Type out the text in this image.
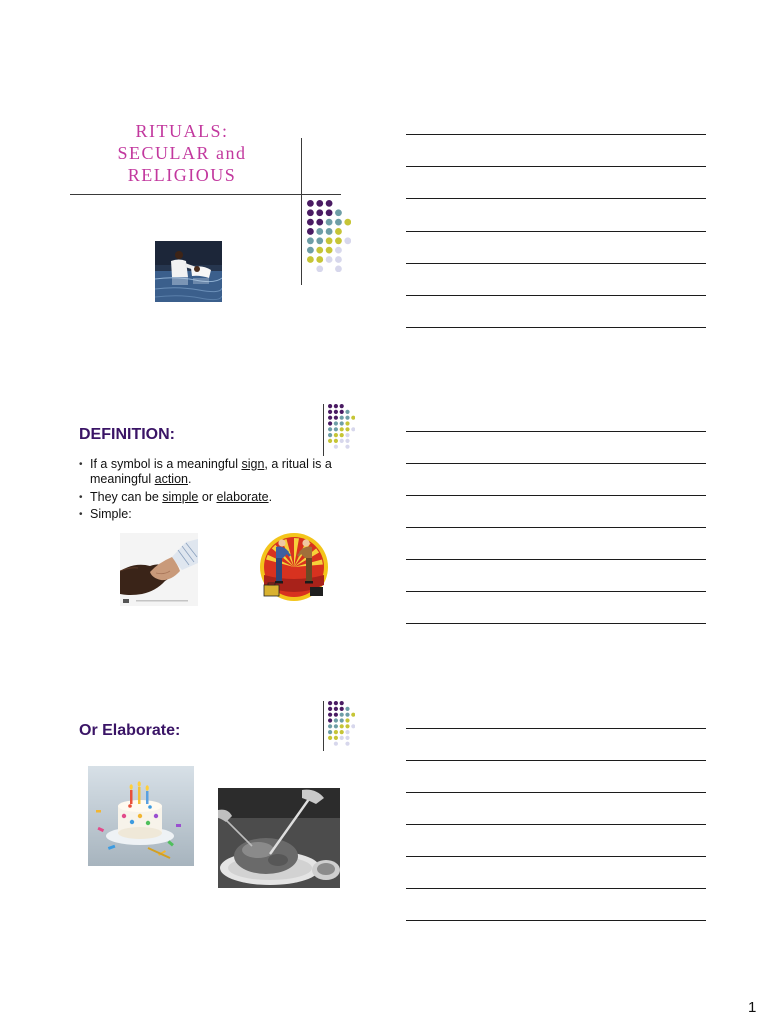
RITUALS:
SECULAR and
RELIGIOUS
DEFINITION:
• If a symbol is a meaningful sign, a ritual is a meaningful action.
• They can be simple or elaborate.
• Simple:
Or Elaborate:
1
